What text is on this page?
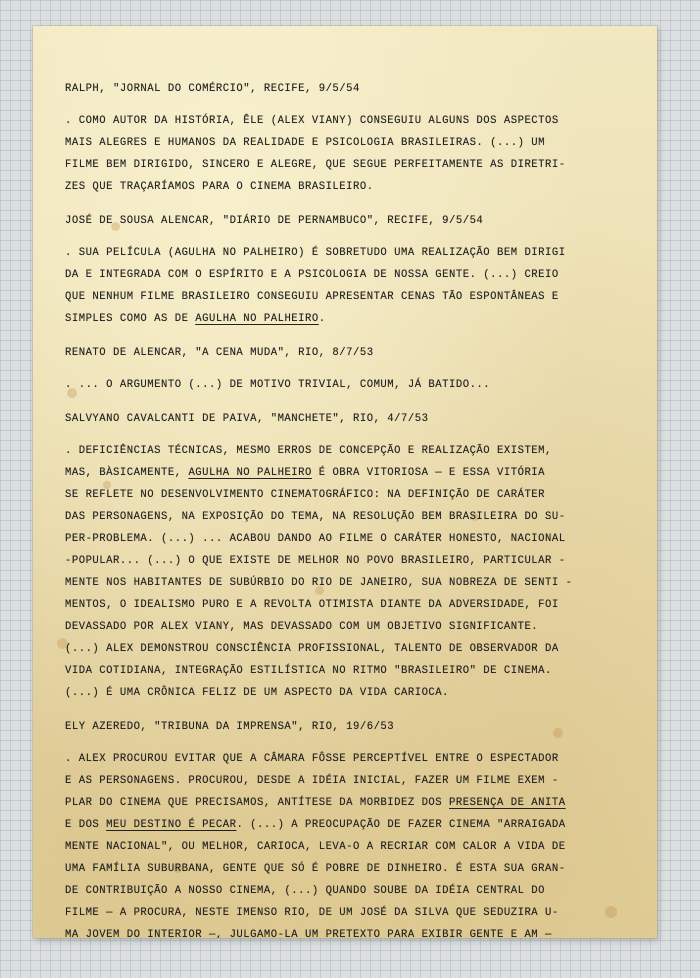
RALPH, "JORNAL DO COMÉRCIO", RECIFE, 9/5/54
. COMO AUTOR DA HISTÓRIA, ÊLE (ALEX VIANY) CONSEGUIU ALGUNS DOS ASPECTOS
MAIS ALEGRES E HUMANOS DA REALIDADE E PSICOLOGIA BRASILEIRAS. (...) UM
FILME BEM DIRIGIDO, SINCERO E ALEGRE, QUE SEGUE PERFEITAMENTE AS DIRETRI-
ZES QUE TRAÇARÍAMOS PARA O CINEMA BRASILEIRO.
JOSÉ DE SOUSA ALENCAR, "DIÁRIO DE PERNAMBUCO", RECIFE, 9/5/54
. SUA PELÍCULA (AGULHA NO PALHEIRO) É SOBRETUDO UMA REALIZAÇÃO BEM DIRIGI
DA E INTEGRADA COM O ESPÍRITO E A PSICOLOGIA DE NOSSA GENTE. (...) CREIO
QUE NENHUM FILME BRASILEIRO CONSEGUIU APRESENTAR CENAS TÃO ESPONTÂNEAS E
SIMPLES COMO AS DE AGULHA NO PALHEIRO.
RENATO DE ALENCAR, "A CENA MUDA", RIO, 8/7/53
. ... O ARGUMENTO (...) DE MOTIVO TRIVIAL, COMUM, JÁ BATIDO...
SALVYANO CAVALCANTI DE PAIVA, "MANCHETE", RIO, 4/7/53
. DEFICIÊNCIAS TÉCNICAS, MESMO ERROS DE CONCEPÇÃO E REALIZAÇÃO EXISTEM,
MAS, BÀSICAMENTE, AGULHA NO PALHEIRO É OBRA VITORIOSA — E ESSA VITÓRIA
SE REFLETE NO DESENVOLVIMENTO CINEMATOGRÁFICO: NA DEFINIÇÃO DE CARÁTER
DAS PERSONAGENS, NA EXPOSIÇÃO DO TEMA, NA RESOLUÇÃO BEM BRASILEIRA DO SU-
PER-PROBLEMA. (...) ... ACABOU DANDO AO FILME O CARÁTER HONESTO, NACIONAL
-POPULAR... (...) O QUE EXISTE DE MELHOR NO POVO BRASILEIRO, PARTICULAR -
MENTE NOS HABITANTES DE SUBÚRBIO DO RIO DE JANEIRO, SUA NOBREZA DE SENTI -
MENTOS, O IDEALISMO PURO E A REVOLTA OTIMISTA DIANTE DA ADVERSIDADE, FOI
DEVASSADO POR ALEX VIANY, MAS DEVASSADO COM UM OBJETIVO SIGNIFICANTE.
(...) ALEX DEMONSTROU CONSCIÊNCIA PROFISSIONAL, TALENTO DE OBSERVADOR DA
VIDA COTIDIANA, INTEGRAÇÃO ESTILÍSTICA NO RITMO "BRASILEIRO" DE CINEMA.
(...) É UMA CRÔNICA FELIZ DE UM ASPECTO DA VIDA CARIOCA.
ELY AZEREDO, "TRIBUNA DA IMPRENSA", RIO, 19/6/53
. ALEX PROCUROU EVITAR QUE A CÂMARA FÔSSE PERCEPTÍVEL ENTRE O ESPECTADOR
E AS PERSONAGENS. PROCUROU, DESDE A IDÉIA INICIAL, FAZER UM FILME EXEM -
PLAR DO CINEMA QUE PRECISAMOS, ANTÍTESE DA MORBIDEZ DOS PRESENÇA DE ANITA
E DOS MEU DESTINO É PECAR. (...) A PREOCUPAÇÃO DE FAZER CINEMA "ARRAIGADA
MENTE NACIONAL", OU MELHOR, CARIOCA, LEVA-O A RECRIAR COM CALOR A VIDA DE
UMA FAMÍLIA SUBURBANA, GENTE QUE SÓ É POBRE DE DINHEIRO. É ESTA SUA GRAN-
DE CONTRIBUIÇÃO A NOSSO CINEMA, (...) QUANDO SOUBE DA IDÉIA CENTRAL DO
FILME — A PROCURA, NESTE IMENSO RIO, DE UM JOSÉ DA SILVA QUE SEDUZIRA U-
MA JOVEM DO INTERIOR —, JULGAMO-LA UM PRETEXTO PARA EXIBIR GENTE E AM —
